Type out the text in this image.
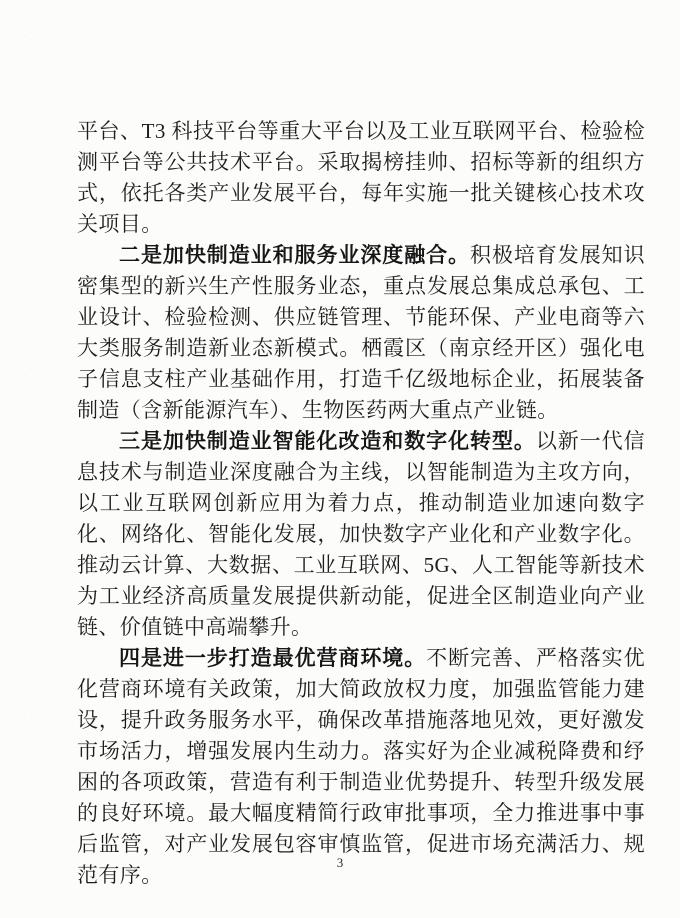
平台、T3 科技平台等重大平台以及工业互联网平台、检验检测平台等公共技术平台。采取揭榜挂帅、招标等新的组织方式，依托各类产业发展平台，每年实施一批关键核心技术攻关项目。
二是加快制造业和服务业深度融合。积极培育发展知识密集型的新兴生产性服务业态，重点发展总集成总承包、工业设计、检验检测、供应链管理、节能环保、产业电商等六大类服务制造新业态新模式。栖霞区（南京经开区）强化电子信息支柱产业基础作用，打造千亿级地标企业，拓展装备制造（含新能源汽车）、生物医药两大重点产业链。
三是加快制造业智能化改造和数字化转型。以新一代信息技术与制造业深度融合为主线，以智能制造为主攻方向，以工业互联网创新应用为着力点，推动制造业加速向数字化、网络化、智能化发展，加快数字产业化和产业数字化。推动云计算、大数据、工业互联网、5G、人工智能等新技术为工业经济高质量发展提供新动能，促进全区制造业向产业链、价值链中高端攀升。
四是进一步打造最优营商环境。不断完善、严格落实优化营商环境有关政策，加大简政放权力度，加强监管能力建设，提升政务服务水平，确保改革措施落地见效，更好激发市场活力，增强发展内生动力。落实好为企业减税降费和纾困的各项政策，营造有利于制造业优势提升、转型升级发展的良好环境。最大幅度精简行政审批事项，全力推进事中事后监管，对产业发展包容审慎监管，促进市场充满活力、规范有序。
3
